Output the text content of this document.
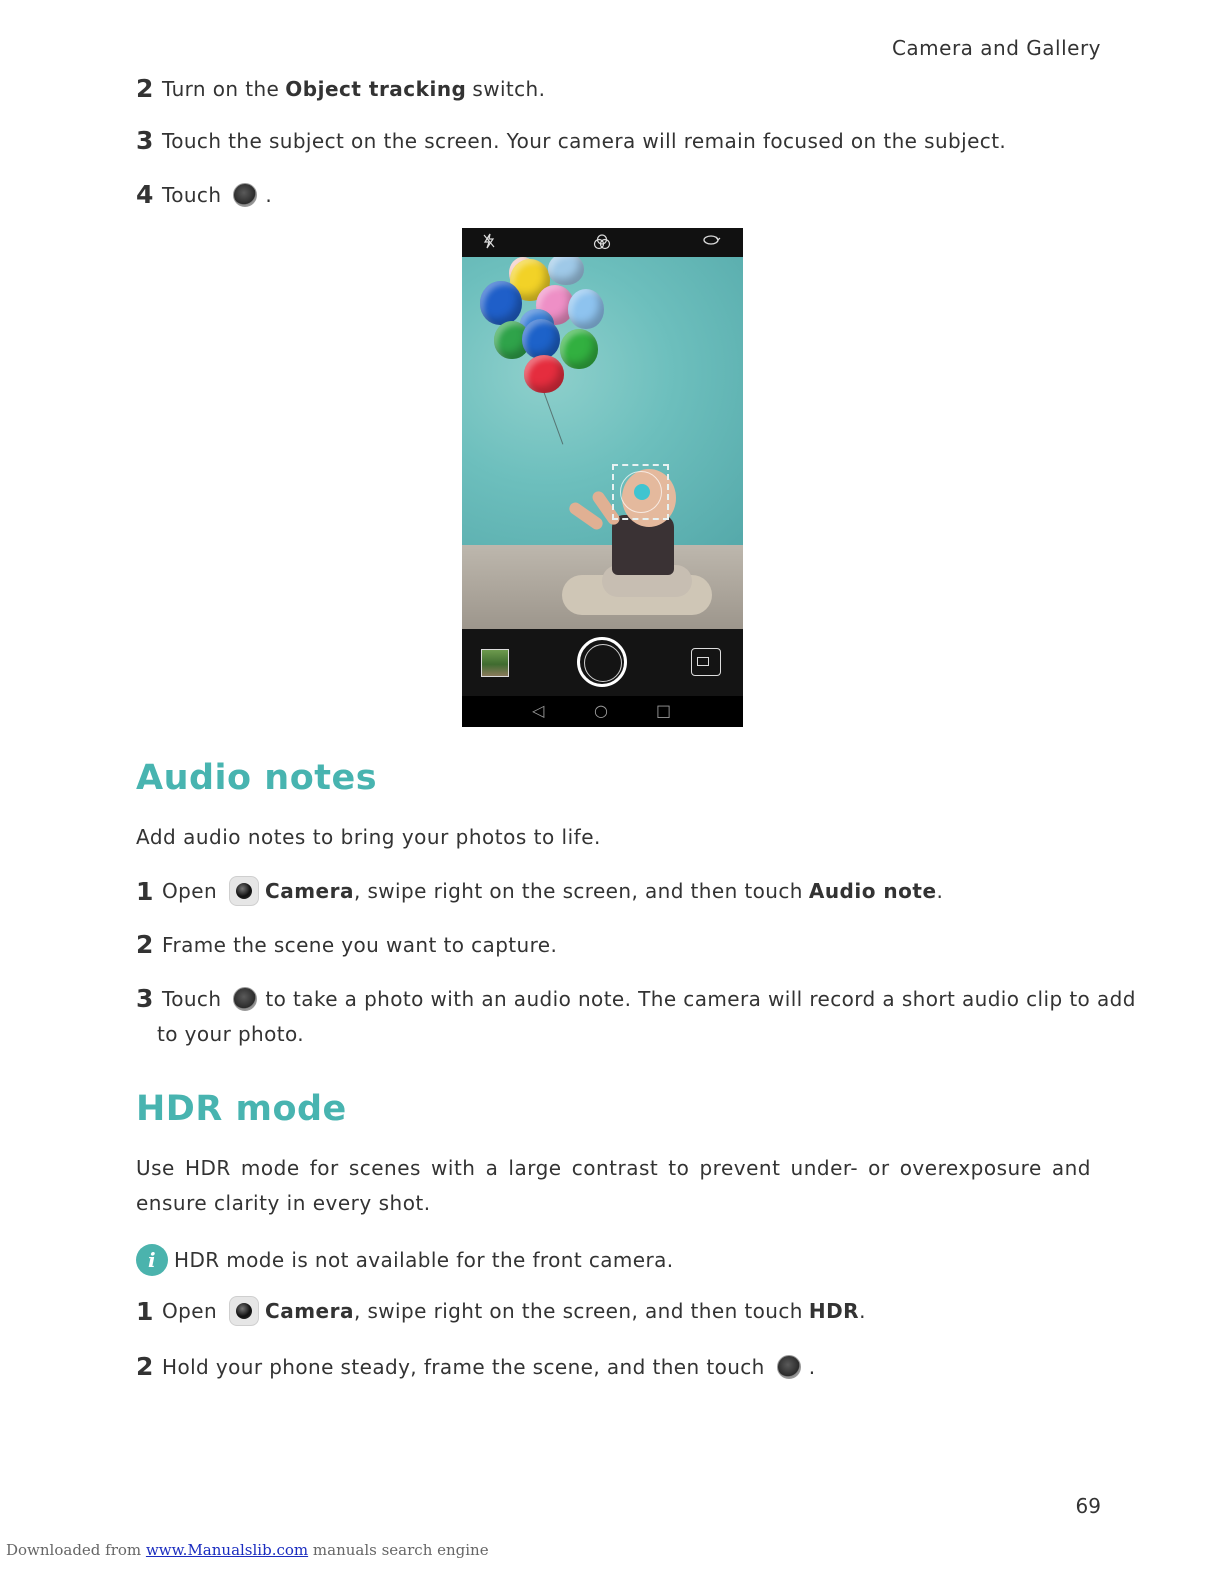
Camera and Gallery
2 Turn on the Object tracking switch.
3 Touch the subject on the screen. Your camera will remain focused on the subject.
4 Touch .
◁	○	□
Audio notes
Add audio notes to bring your photos to life.
1 Open Camera , swipe right on the screen, and then touch Audio note .
2 Frame the scene you want to capture.
3 Touch to take a photo with an audio note. The camera will record a short audio clip to add
to your photo.
HDR mode
Use HDR mode for scenes with a large contrast to prevent under- or overexposure and ensure clarity in every shot.
i HDR mode is not available for the front camera.
1 Open Camera , swipe right on the screen, and then touch HDR .
2 Hold your phone steady, frame the scene, and then touch .
69
Downloaded from www.Manualslib.com manuals search engine
